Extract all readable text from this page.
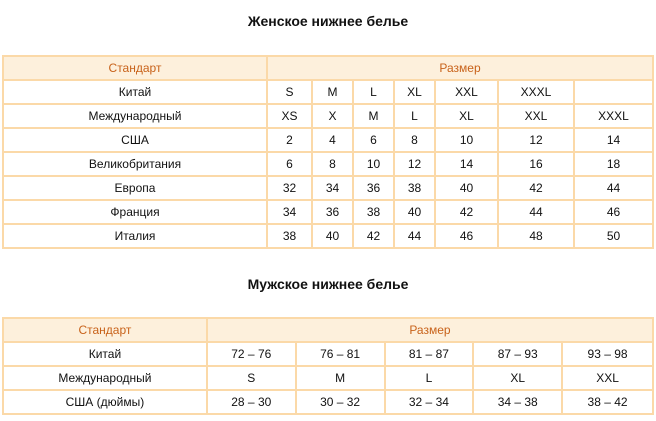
Женское нижнее белье
Стандарт	Размер						
Китай	S	M	L	XL	XXL	XXXL	
Международный	XS	X	M	L	XL	XXL	XXXL
США	2	4	6	8	10	12	14
Великобритания	6	8	10	12	14	16	18
Европа	32	34	36	38	40	42	44
Франция	34	36	38	40	42	44	46
Италия	38	40	42	44	46	48	50
Мужское нижнее белье
Стандарт	Размер				
Китай	72 – 76	76 – 81	81 – 87	87 – 93	93 – 98
Международный	S	M	L	XL	XXL
США (дюймы)	28 – 30	30 – 32	32 – 34	34 – 38	38 – 42
